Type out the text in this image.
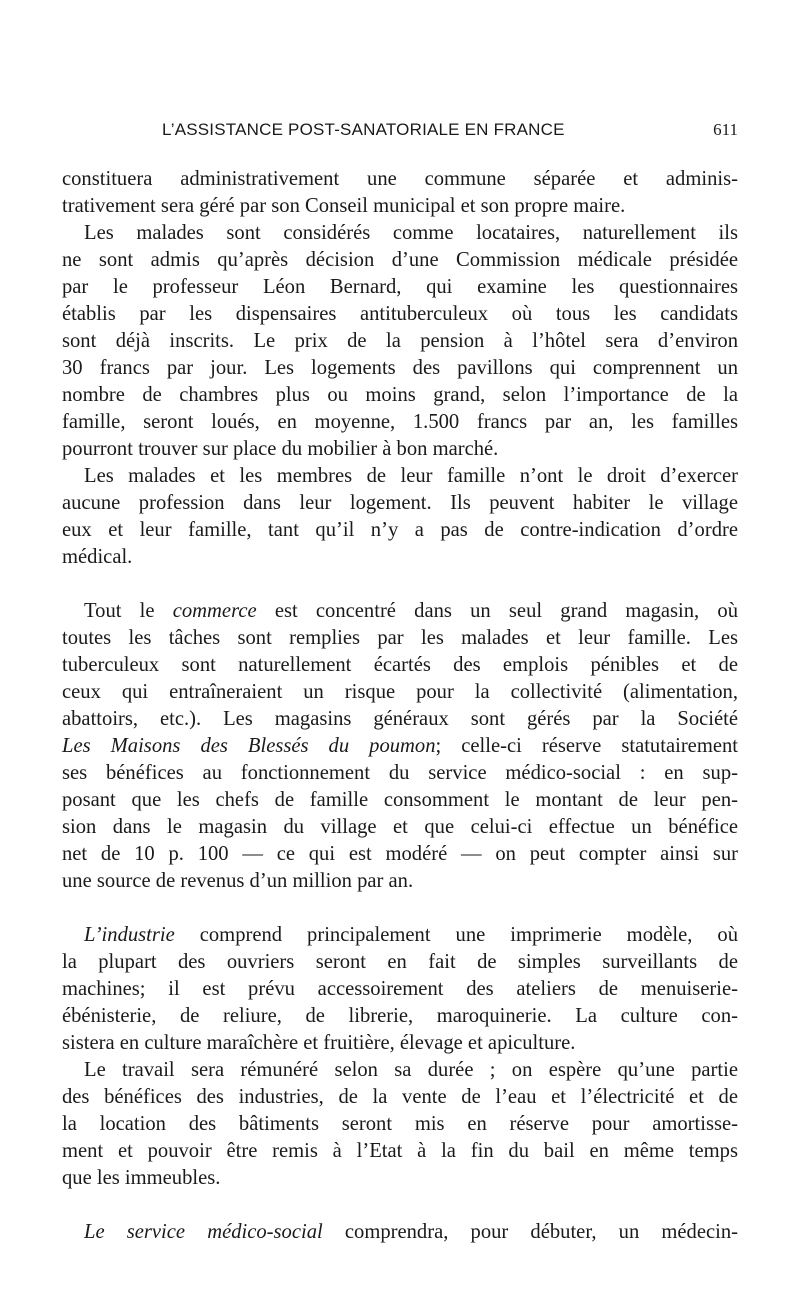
L’ASSISTANCE POST-SANATORIALE EN FRANCE	611
constituera administrativement une commune séparée et adminis-
trativement sera géré par son Conseil municipal et son propre maire.
Les malades sont considérés comme locataires, naturellement ils
ne sont admis qu’après décision d’une Commission médicale présidée
par le professeur Léon Bernard, qui examine les questionnaires
établis par les dispensaires antituberculeux où tous les candidats
sont déjà inscrits. Le prix de la pension à l’hôtel sera d’environ
30 francs par jour. Les logements des pavillons qui comprennent un
nombre de chambres plus ou moins grand, selon l’importance de la
famille, seront loués, en moyenne, 1.500 francs par an, les familles
pourront trouver sur place du mobilier à bon marché.
Les malades et les membres de leur famille n’ont le droit d’exercer
aucune profession dans leur logement. Ils peuvent habiter le village
eux et leur famille, tant qu’il n’y a pas de contre-indication d’ordre
médical.
Tout le commerce est concentré dans un seul grand magasin, où
toutes les tâches sont remplies par les malades et leur famille. Les
tuberculeux sont naturellement écartés des emplois pénibles et de
ceux qui entraîneraient un risque pour la collectivité (alimentation,
abattoirs, etc.). Les magasins généraux sont gérés par la Société
Les Maisons des Blessés du poumon; celle-ci réserve statutairement
ses bénéfices au fonctionnement du service médico-social : en sup-
posant que les chefs de famille consomment le montant de leur pen-
sion dans le magasin du village et que celui-ci effectue un bénéfice
net de 10 p. 100 — ce qui est modéré — on peut compter ainsi sur
une source de revenus d’un million par an.
L’industrie comprend principalement une imprimerie modèle, où
la plupart des ouvriers seront en fait de simples surveillants de
machines; il est prévu accessoirement des ateliers de menuiserie-
ébénisterie, de reliure, de librerie, maroquinerie. La culture con-
sistera en culture maraîchère et fruitière, élevage et apiculture.
Le travail sera rémunéré selon sa durée ; on espère qu’une partie
des bénéfices des industries, de la vente de l’eau et l’électricité et de
la location des bâtiments seront mis en réserve pour amortisse-
ment et pouvoir être remis à l’Etat à la fin du bail en même temps
que les immeubles.
Le service médico-social comprendra, pour débuter, un médecin-
